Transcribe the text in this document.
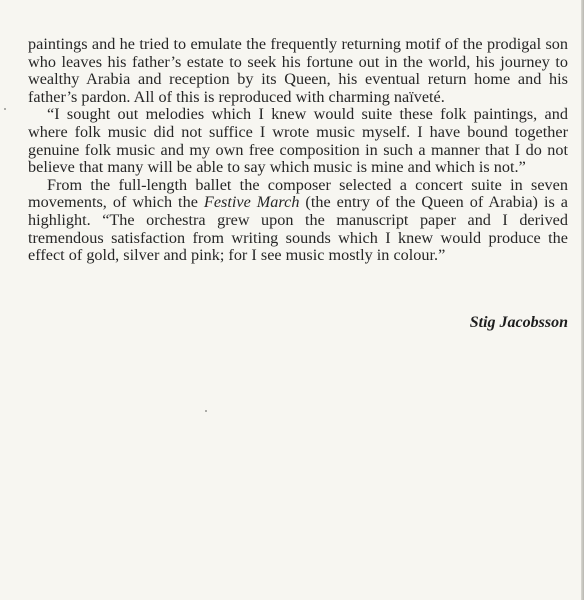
paintings and he tried to emulate the frequently returning motif of the prodigal son who leaves his father’s estate to seek his fortune out in the world, his journey to wealthy Arabia and reception by its Queen, his eventual return home and his father’s pardon. All of this is reproduced with charming naïveté.

“I sought out melodies which I knew would suite these folk paintings, and where folk music did not suffice I wrote music myself. I have bound together genuine folk music and my own free composition in such a manner that I do not believe that many will be able to say which music is mine and which is not.”

From the full-length ballet the composer selected a concert suite in seven movements, of which the Festive March (the entry of the Queen of Arabia) is a highlight. “The orchestra grew upon the manuscript paper and I derived tremendous satisfaction from writing sounds which I knew would produce the effect of gold, silver and pink; for I see music mostly in colour.”

Stig Jacobsson
